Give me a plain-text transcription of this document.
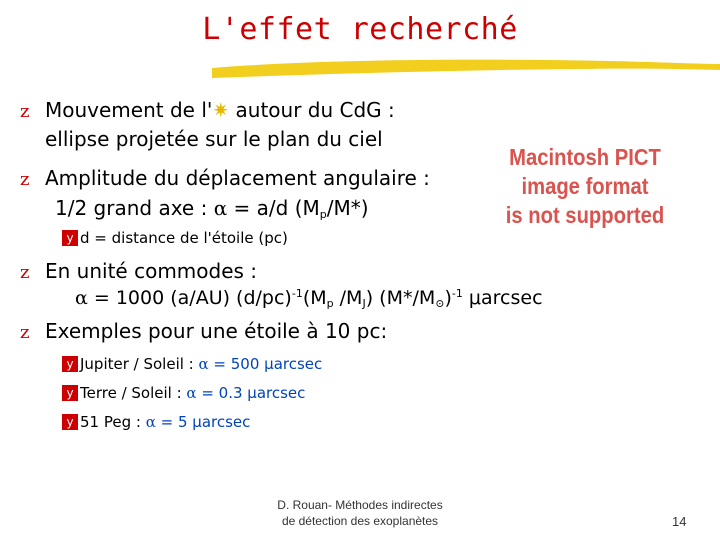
L'effet recherché
z Mouvement de l'✷ autour du CdG :
ellipse projetée sur le plan du ciel
z Amplitude du déplacement angulaire :
1/2 grand axe : α = a/d $(M_p/M*)$
y d = distance de l'étoile (pc)
Macintosh PICT
image format
is not supported
z En unité commodes :
α = 1000 (a/AU) $(d/pc)^{-1}(M_p$ $/M_J$) $(M*/M_⊙)^{-1}$ μarcsec
z Exemples pour une étoile à 10 pc:
y Jupiter / Soleil : α = 500 μarcsec
y Terre / Soleil : α = 0.3 μarcsec
y 51 Peg : α = 5 μarcsec
D. Rouan- Méthodes indirectes
de détection des exoplanètes	14
